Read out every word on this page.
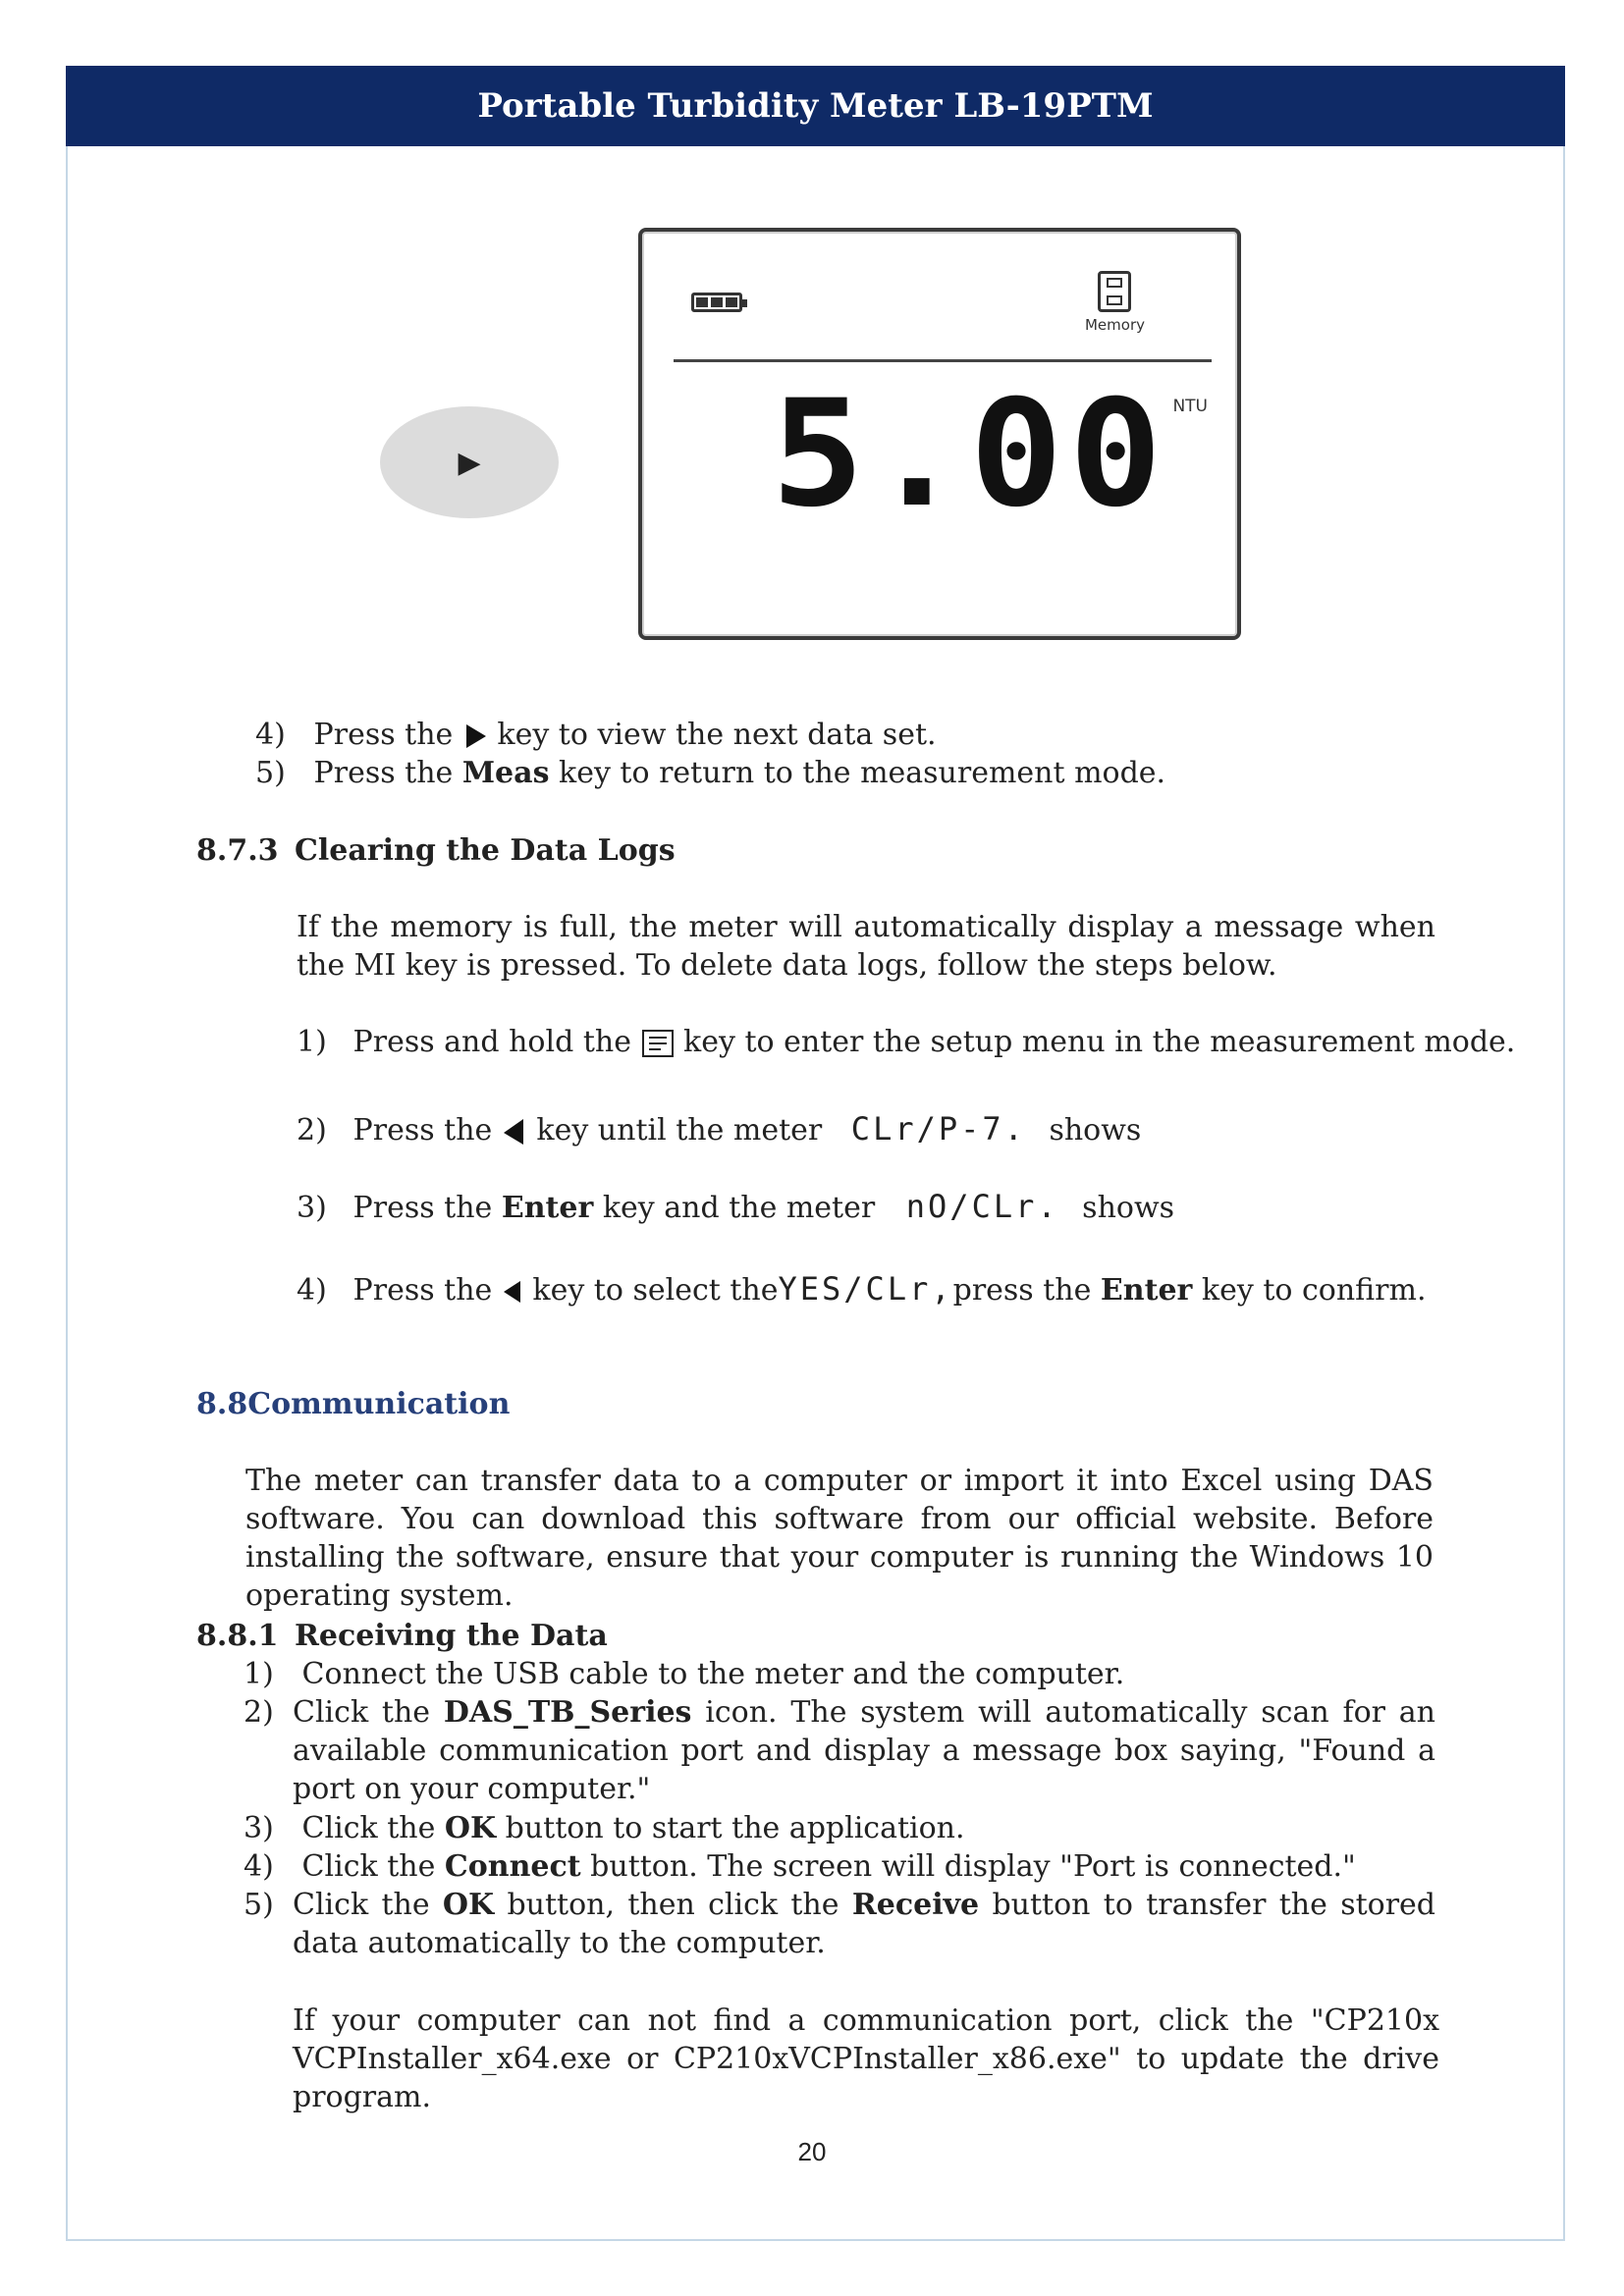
Portable Turbidity Meter LB-19PTM
▶
Memory
5.00 NTU
4) Press the key to view the next data set.
5) Press the Meas key to return to the measurement mode.
8.7.3 Clearing the Data Logs
If the memory is full, the meter will automatically display a message when the MI key is pressed. To delete data logs, follow the steps below.
1) Press and hold the key to enter the setup menu in the measurement mode.
2) Press the key until the meter CLr/P-7. shows
3) Press the Enter key and the meter nO/CLr. shows
4) Press the key to select theYES/CLr,press the Enter key to confirm.
8.8Communication
The meter can transfer data to a computer or import it into Excel using DAS software. You can download this software from our official website. Before installing the software, ensure that your computer is running the Windows 10 operating system.
8.8.1 Receiving the Data
1) Connect the USB cable to the meter and the computer.
2) Click the DAS_TB_Series icon. The system will automatically scan for an available communication port and display a message box saying, "Found a port on your computer."
3) Click the OK button to start the application.
4) Click the Connect button. The screen will display "Port is connected."
5) Click the OK button, then click the Receive button to transfer the stored data automatically to the computer.
If your computer can not find a communication port, click the "CP210x VCPInstaller_x64.exe or CP210xVCPInstaller_x86.exe" to update the drive program.
20
